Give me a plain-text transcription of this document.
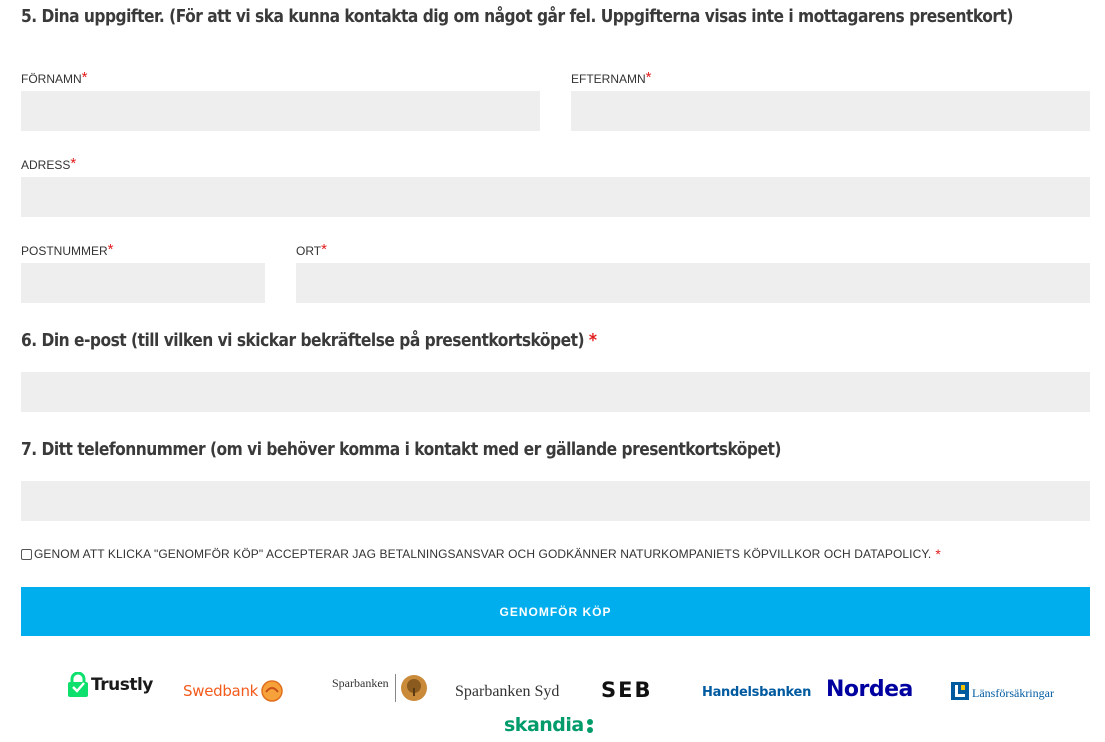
5. Dina uppgifter. (För att vi ska kunna kontakta dig om något går fel. Uppgifterna visas inte i mottagarens presentkort)
FÖRNAMN*	EFTERNAMN*
ADRESS*
POSTNUMMER*	ORT*
6. Din e-post (till vilken vi skickar bekräftelse på presentkortsköpet) *
7. Ditt telefonnummer (om vi behöver komma i kontakt med er gällande presentkortsköpet)
GENOM ATT KLICKA "GENOMFÖR KÖP" ACCEPTERAR JAG BETALNINGSANSVAR OCH GODKÄNNER NATURKOMPANIETS KÖPVILLKOR OCH DATAPOLICY. *
GENOMFÖR KÖP
Trustly Swedbank	Sparbanken
Sparbanken Syd SEB	Handelsbanken Nordea	Länsförsäkringar
skandia
